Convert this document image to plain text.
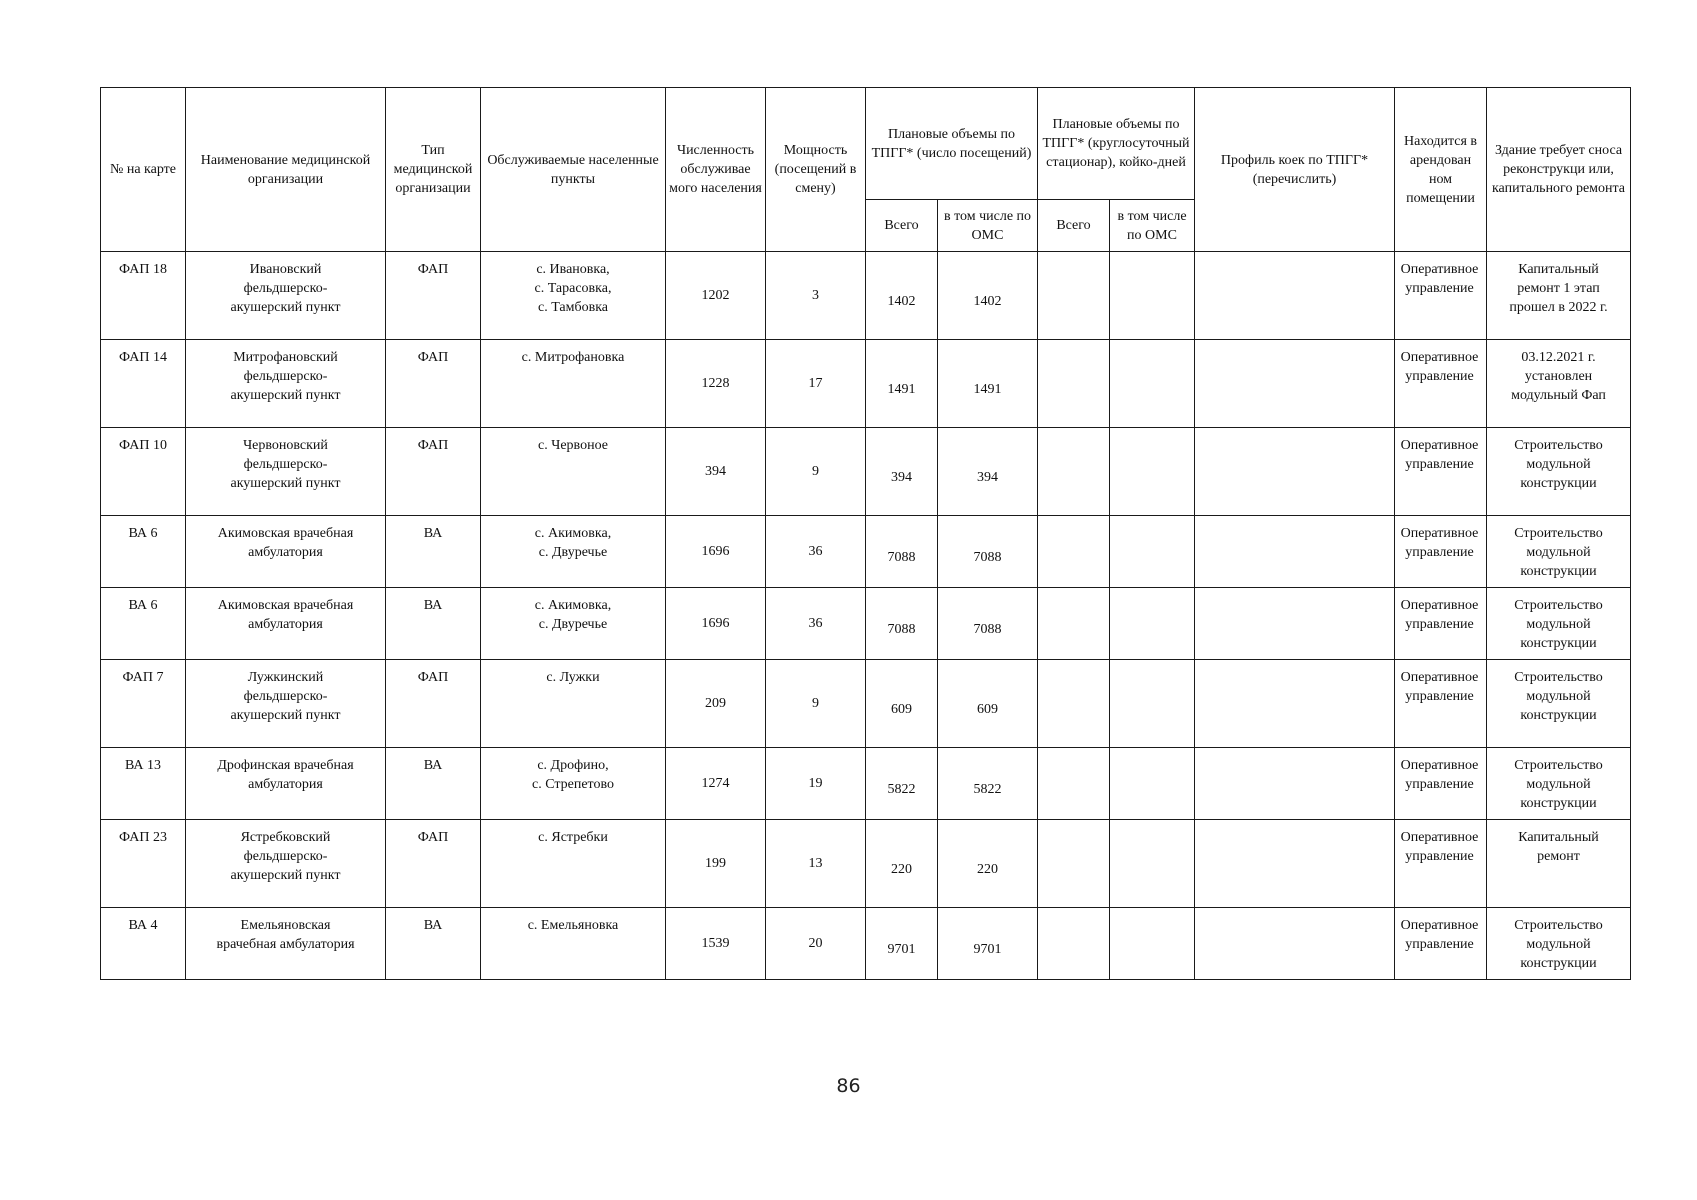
№ на карте	Наименование медицинской организации	Тип медицинской организации	Обслуживаемые населенные пункты	Численность обслуживае мого населения	Мощность (посещений в смену)	Плановые объемы по ТПГГ* (число посещений)		Плановые объемы по ТПГГ* (круглосуточный стационар), койко-дней		Профиль коек по ТПГГ* (перечислить)	Находится в арендован ном помещении	Здание требует сноса реконструкци или, капитального ремонта
						Всего	в том числе по ОМС	Всего	в том числе по ОМС			
ФАП 18	Ивановский
фельдшерско-
акушерский пункт	ФАП	с. Ивановка,
с. Тарасовка,
с. Тамбовка	1202	3	1402	1402				Оперативное
управление	Капитальный
ремонт 1 этап
прошел в 2022 г.
ФАП 14	Митрофановский
фельдшерско-
акушерский пункт	ФАП	с. Митрофановка	1228	17	1491	1491				Оперативное
управление	03.12.2021 г.
установлен
модульный Фап
ФАП 10	Червоновский
фельдшерско-
акушерский пункт	ФАП	с. Червоное	394	9	394	394				Оперативное
управление	Строительство
модульной
конструкции
ВА 6	Акимовская врачебная
амбулатория	ВА	с. Акимовка,
с. Двуречье	1696	36	7088	7088				Оперативное
управление	Строительство
модульной
конструкции
ВА 6	Акимовская врачебная
амбулатория	ВА	с. Акимовка,
с. Двуречье	1696	36	7088	7088				Оперативное
управление	Строительство
модульной
конструкции
ФАП 7	Лужкинский
фельдшерско-
акушерский пункт	ФАП	с. Лужки	209	9	609	609				Оперативное
управление	Строительство
модульной
конструкции
ВА 13	Дрофинская врачебная
амбулатория	ВА	с. Дрофино,
с. Стрепетово	1274	19	5822	5822				Оперативное
управление	Строительство
модульной
конструкции
ФАП 23	Ястребковский
фельдшерско-
акушерский пункт	ФАП	с. Ястребки	199	13	220	220				Оперативное
управление	Капитальный
ремонт
ВА 4	Емельяновская
врачебная амбулатория	ВА	с. Емельяновка	1539	20	9701	9701				Оперативное
управление	Строительство
модульной
конструкции
86
